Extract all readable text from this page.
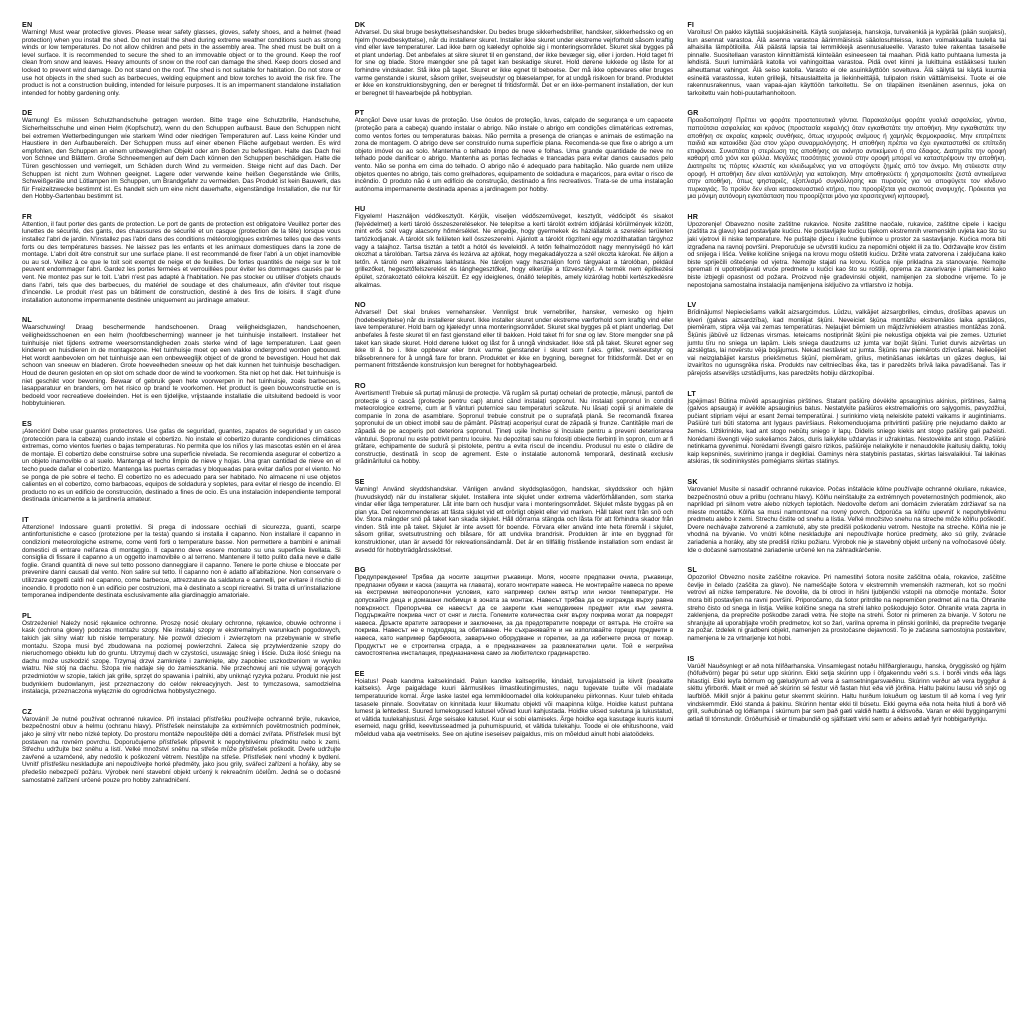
EN

Warning! Must wear protective gloves. Please wear safety glasses, gloves, safety shoes, and a helmet (head protection) when you install the shed. Do not install the shed during extreme weather conditions such as strong winds or low temperatures. Do not allow children and pets in the assembly area. The shed must be built on a level surface. It is recommended to secure the shed to an immovable object or to the ground. Keep the roof clean from snow and leaves. Heavy amounts of snow on the roof can damage the shed. Keep doors closed and locked to prevent wind damage. Do not stand on the roof. The shed is not suitable for habitation. Do not store or use hot objects in the shed such as barbecues, welding equipment and blow torches to avoid the risk fire. The product is not a construction building, intended for leisure purposes. It is an impermanent standalone installation intended for hobby gardening only.

DE

Warnung! Es müssen Schutzhandschuhe getragen werden. Bitte trage eine Schutzbrille, Handschuhe, Sicherheitsschuhe und einen Helm (Kopfschutz), wenn du den Schuppen aufbaust. Baue den Schuppen nicht bei extremen Wetterbedingungen wie starkem Wind oder niedrigen Temperaturen auf. Lass keine Kinder und Haustiere in den Aufbaubereich. Der Schuppen muss auf einer ebenen Fläche aufgebaut werden. Es wird empfohlen, den Schuppen an einem unbeweglichen Objekt oder am Boden zu befestigen. Halte das Dach frei von Schnee und Blättern. Große Schneemengen auf dem Dach können den Schuppen beschädigen. Halte die Türen geschlossen und verriegelt, um Schäden durch Wind zu vermeiden. Steige nicht auf das Dach. Der Schuppen ist nicht zum Wohnen geeignet. Lagere oder verwende keine heißen Gegenstände wie Grills, Schweißgeräte und Lötlampen im Schuppen, um Brandgefahr zu vermeiden. Das Produkt ist kein Bauwerk, das für Freizeitzwecke bestimmt ist. Es handelt sich um eine nicht dauerhafte, eigenständige Installation, die nur für den Hobby-Gartenbau bestimmt ist.

FR

Attention, il faut porter des gants de protection. Le port de gants de protection est obligatoire Veuillez porter des lunettes de sécurité, des gants, des chaussures de sécurité et un casque (protection de la tête) lorsque vous installez l'abri de jardin. N'installez pas l'abri dans des conditions météorologiques extrêmes telles que des vents forts ou des températures basses. Ne laissez pas les enfants et les animaux domestiques dans la zone de montage. L'abri doit être construit sur une surface plane. Il est recommandé de fixer l'abri à un objet inamovible ou au sol. Veillez à ce que le toit soit exempt de neige et de feuilles. De fortes quantités de neige sur le toit peuvent endommager l'abri. Gardez les portes fermées et verrouillées pour éviter les dommages causés par le vent. Ne montez pas sur le toit. L'abri n'est pas adapté à l'habitation. Ne pas stocker ou utiliser d'objets chauds dans l'abri, tels que des barbecues, du matériel de soudage et des chalumeaux, afin d'éviter tout risque d'incendie. Le produit n'est pas un bâtiment de construction, destiné à des fins de loisirs. Il s'agit d'une installation autonome impermanente destinée uniquement au jardinage amateur.

NL

Waarschuwing! Draag beschermende handschoenen. Draag veiligheidsglazen, handschoenen, veiligheidsschoenen en een helm (hoofdbescherming) wanneer je het tuinhuisje installeert. Installeer het tuinhuisje niet tijdens extreme weersomstandigheden zoals sterke wind of lage temperaturen. Laat geen kinderen en huisdieren in de montagezone. Het tuinhuisje moet op een vlakke ondergrond worden gebouwd. Het wordt aanbevolen om het tuinhuisje aan een onbeweeglijk object of de grond te bevestigen. Houd het dak schoon van sneeuw en bladeren. Grote hoeveelheden sneeuw op het dak kunnen het tuinhuisje beschadigen. Houd de deuren gesloten en op slot om schade door de wind te voorkomen. Sta niet op het dak. Het tuinhuisje is niet geschikt voor bewoning. Bewaar of gebruik geen hete voorwerpen in het tuinhuisje, zoals barbecues, lasapparatuur en branders, om het risico op brand te voorkomen. Het product is geen bouwconstructie en is bedoeld voor recreatieve doeleinden. Het is een tijdelijke, vrijstaande installatie die uitsluitend bedoeld is voor hobbytuinieren.

ES

¡Atención! Debe usar guantes protectores. Use gafas de seguridad, guantes, zapatos de seguridad y un casco (protección para la cabeza) cuando instale el cobertizo. No instale el cobertizo durante condiciones climáticas extremas, como vientos fuertes o bajas temperaturas. No permita que los niños y las mascotas estén en el área de montaje. El cobertizo debe construirse sobre una superficie nivelada. Se recomienda asegurar el cobertizo a un objeto inamovible o al suelo. Mantenga el techo limpio de nieve y hojas. Una gran cantidad de nieve en el techo puede dañar el cobertizo. Mantenga las puertas cerradas y bloqueadas para evitar daños por el viento. No se ponga de pie sobre el techo. El cobertizo no es adecuado para ser habitado. No almacene ni use objetos calientes en el cobertizo, como barbacoas, equipos de soldadura y sopletes, para evitar el riesgo de incendio. El producto no es un edificio de construcción, destinado a fines de ocio. Es una instalación independiente temporal destinada únicamente a la jardinería amateur.

IT

Attenzione! Indossare guanti protettivi. Si prega di indossare occhiali di sicurezza, guanti, scarpe antinfortunistiche e casco (protezione per la testa) quando si installa il capanno. Non installare il capanno in condizioni meteorologiche estreme, come venti forti o temperature basse. Non permettere a bambini e animali domestici di entrare nell'area di montaggio. Il capanno deve essere montato su una superficie livellata. Si consiglia di fissare il capanno a un oggetto inamovibile o al terreno. Mantenere il tetto pulito dalla neve e dalle foglie. Grandi quantità di neve sul tetto possono danneggiare il capanno. Tenere le porte chiuse e bloccate per prevenire danni causati dal vento. Non salire sul tetto. Il capanno non è adatto all'abitazione. Non conservare o utilizzare oggetti caldi nel capanno, come barbecue, attrezzature da saldatura e cannelli, per evitare il rischio di incendio. Il prodotto non è un edificio per costruzioni, ma è destinato a scopi ricreativi. Si tratta di un'installazione temporanea indipendente destinata esclusivamente alla giardinaggio amatoriale.

PL

Ostrzeżenie! Należy nosić rękawice ochronne. Proszę nosić okulary ochronne, rękawice, obuwie ochronne i kask (ochrona głowy) podczas montażu szopy. Nie instaluj szopy w ekstremalnych warunkach pogodowych, takich jak silny wiatr lub niskie temperatury. Nie pozwól dzieciom i zwierzętom na przebywanie w strefie montażu. Szopa musi być zbudowana na poziomej powierzchni. Zaleca się przytwierdzenie szopy do nieruchomego obiektu lub do gruntu. Utrzymuj dach w czystości, usuwając śnieg i liście. Duża ilość śniegu na dachu może uszkodzić szopę. Trzymaj drzwi zamknięte i zamknięte, aby zapobiec uszkodzeniom w wyniku wiatru. Nie stój na dachu. Szopa nie nadaje się do zamieszkania. Nie przechowuj ani nie używaj gorących przedmiotów w szopie, takich jak grille, sprzęt do spawania i palniki, aby uniknąć ryzyka pożaru. Produkt nie jest budynkiem budowlanym, jest przeznaczony do celów rekreacyjnych. Jest to tymczasowa, samodzielna instalacja, przeznaczona wyłącznie do ogrodnictwa hobbystycznego.

CZ

Varování! Je nutné používat ochranné rukavice. Při instalaci přístřešku používejte ochranné brýle, rukavice, bezpečnostní obuv a helmu (ochranu hlavy). Přístřešek neinstalujte za extrémních povětrnostních podmínek, jako je silný vítr nebo nízké teploty. Do prostoru montáže nepouštějte děti a domácí zvířata. Přístřešek musí být postaven na rovném povrchu. Doporučujeme přístřešek připevnit k nepohyblivému předmětu nebo k zemi. Střechu udržujte bez sněhu a listí. Velké množství sněhu na střeše může přístřešek poškodit. Dveře udržujte zavřené a uzamčené, aby nedošlo k poškození větrem. Nestůjte na střeše. Přístřešek není vhodný k bydlení. Uvnitř přístřešku neskladujte ani nepoužívejte horké předměty, jako jsou grily, svářecí zařízení a hořáky, aby se předešlo nebezpečí požáru. Výrobek není stavební objekt určený k rekreačním účelům. Jedná se o dočasné samostatné zařízení určené pouze pro hobby zahradničení.

DK

Advarsel. Du skal bruge beskyttelseshandsker. Du bedes bruge sikkerhedsbriller, handsker, sikkerhedssko og en hjelm (hovedbeskyttelse), når du installerer skuret. Installer ikke skuret under ekstreme vejrforhold såsom kraftig vind eller lave temperaturer. Lad ikke børn og kæledyr opholde sig i monteringsområdet. Skuret skal bygges på et plant underlag. Det anbefales at sikre skuret til en genstand, der ikke bevæger sig, eller i jorden. Hold taget fri for sne og blade. Store mængder sne på taget kan beskadige skuret. Hold dørene lukkede og låste for at forhindre vindskader. Stå ikke på taget. Skuret er ikke egnet til beboelse. Der må ikke opbevares eller bruges varme genstande i skuret, såsom griller, svejseudstyr og blæselamper, for at undgå risikoen for brand. Produktet er ikke en konstruktionsbygning, den er beregnet til fritidsformål. Det er en ikke-permanent installation, der kun er beregnet til havearbejde på hobbyplan.

PT

Atenção! Deve usar luvas de proteção. Use óculos de proteção, luvas, calçado de segurança e um capacete (proteção para a cabeça) quando instalar o abrigo. Não instale o abrigo em condições climatéricas extremas, como ventos fortes ou temperaturas baixas. Não permita a presença de crianças e animais de estimação na zona de montagem. O abrigo deve ser construído numa superfície plana. Recomenda-se que fixe o abrigo a um objeto imóvel ou ao solo. Mantenha o telhado limpo de neve e folhas. Uma grande quantidade de neve no telhado pode danificar o abrigo. Mantenha as portas fechadas e trancadas para evitar danos causados pelo vento. Não se ponha em cima do telhado. O abrigo não é adequado para habitação. Não guarde nem utilize objetos quentes no abrigo, tais como grelhadores, equipamento de soldadura e maçaricos, para evitar o risco de incêndio. O produto não é um edifício de construção, destinado a fins recreativos. Trata-se de uma instalação autónoma impermanente destinada apenas a jardinagem por hobby.

HU

Figyelem! Használjon védőkesztyűt. Kérjük, viseljen védőszemüveget, kesztyűt, védőcipőt és sisakot (fejvédelmet) a kerti tároló összeszerelésekor. Ne telepítse a kerti tárolót extrém időjárási körülmények között, mint erős szél vagy alacsony hőmérséklet. Ne engedje, hogy gyermekek és háziállatok a szerelési területen tartózkodjanak. A tárolót sík felületen kell összeszerelni. Ajánlott a tárolót rögzíteni egy mozdíthatatlan tárgyhoz vagy a talajhoz. Tartsa tisztán a tetőt a hótól és levelektől. A tetőn felhalmozódott nagy mennyiségű hó kárt okozhat a tárolóban. Tartsa zárva és lezárva az ajtókat, hogy megakadályozza a szél okozta károkat. Ne álljon a tetőn. A tároló nem alkalmas lakhatásra. Ne tároljon vagy használjon forró tárgyakat a tárolóban, például grillezőket, hegesztőfelszerelést és lánghegesztőket, hogy elkerülje a tűzveszélyt. A termék nem építkezési épület, szórakoztató célokra készült. Ez egy ideiglenes, önálló telepítés, amely kizárólag hobbi kertészkedésre alkalmas.

NO

Advarsel! Det skal brukes vernehansker. Vennligst bruk vernebriller, hansker, vernesko og hjelm (hodebeskyttelse) når du installerer skuret. Ikke installer skuret under ekstreme værforhold som kraftig vind eller lave temperaturer. Hold barn og kjæledyr unna monteringsområdet. Skuret skal bygges på et plant underlag. Det anbefales å feste skuret til en fast gjenstand eller til bakken. Hold taket fri for snø og løv. Store mengder snø på taket kan skade skuret. Hold dørene lukket og låst for å unngå vindskader. Ikke stå på taket. Skuret egner seg ikke til å bo i. Ikke oppbevar eller bruk varme gjenstander i skuret som f.eks. griller, sveiseutstyr og blåsebrennere for å unngå fare for brann. Produktet er ikke en bygning, beregnet for fritidsformål. Det er en permanent frittstående konstruksjon kun beregnet for hobbyhagearbeid.

RO

Avertisment! Trebuie să purtați mănuși de protecție. Vă rugăm să purtați ochelari de protecție, mănuși, pantofi de protecție și o cască (protecție pentru cap) atunci când instalați șopronul. Nu instalați șopronul în condiții meteorologice extreme, cum ar fi vânturi puternice sau temperaturi scăzute. Nu lăsați copiii și animalele de companie în zona de asamblare. Șopronul trebuie construit pe o suprafață plană. Se recomandă fixarea șopronului de un obiect imobil sau de pământ. Păstrați acoperișul curat de zăpadă și frunze. Cantitățile mari de zăpadă de pe acoperiș pot deteriora șopronul. Țineți ușile închise și încuiate pentru a preveni deteriorarea vântului. Șopronul nu este potrivit pentru locuire. Nu depozitați sau nu folosiți obiecte fierbinți în șopron, cum ar fi grătare, echipamente de sudură și pistolete, pentru a evita riscul de incendiu. Produsul nu este o clădire de construcție, destinată în scop de agrement. Este o instalatie autonomă temporară, destinată exclusiv grădinăritului ca hobby.

SE

Varning! Använd skyddshandskar. Vänligen använd skyddsglasögon, handskar, skyddsskor och hjälm (huvudskydd) när du installerar skjulet. Installera inte skjulet under extrema väderförhållanden, som starka vindar eller låga temperaturer. Låt inte barn och husdjur vara i monteringsområdet. Skjulet måste byggas på en plan yta. Det rekommenderas att fästa skjulet vid ett orörligt objekt eller vid marken. Håll taket rent från snö och löv. Stora mängder snö på taket kan skada skjulet. Håll dörrarna stängda och låsta för att förhindra skador från vinden. Stå inte på taket. Skjulet är inte avsett för boende. Förvara eller använd inte heta föremål i skjulet, såsom grillar, svetsutrustning och blåsare, för att undvika brandrisk. Produkten är inte en byggnad för konstruktioner, utan är avsedd för rekreationsändamål. Det är en tillfällig fristående installation som endast är avsedd för hobbyträdgårdsskötsel.

BG

Предупреждение! Трябва да носите защитни ръкавици. Моля, носете предпазни очила, ръкавици, предпазни обувки и каска (защита на главата), когато монтирате навеса. Не монтирайте навеса по време на екстремни метеорологични условия, като например силен вятър или ниски температури. Не допускайте деца и домашни любимци в зоната за монтаж. Навесът трябва да се изгражда върху равна повърхност. Препоръчва се навесът да се закрепи към неподвижен предмет или към земята. Поддържайте покрива чист от сняг и листа. Големите количества сняг върху покрива могат да повредят навеса. Дръжте вратите затворени и заключени, за да предотвратите повреди от вятъра. Не стойте на покрива. Навесът не е подходящ за обитаване. Не съхранявайте и не използвайте горещи предмети в навеса, като например барбекюта, заваръчно оборудване и горелки, за да избегнете риска от пожар. Продуктът не е строителна сграда, а е предназначен за развлекателни цели. Той е негрийна самостоятелна инсталация, предназначена само за любителско градинарство.

EE

Hoiatus! Peab kandma kaitsekindaid. Palun kandke kaitseprille, kindaid, turvajalatseid ja kiivrit (peakatte kaitseks). Ärge paigaldage kuuri äärmuslikes ilmastikutingimustes, nagu tugevate tuulte või madalate temperatuuride korral. Ärge laske lastel ega lemmikloomadel olla kokkupaneku piirkonnas. Kuur tuleb ehitada tasasele pinnale. Soovitatav on kinnitada kuur liikumatu objekti või maapinna külge. Hoidke katust puhtana lumest ja lehtedest. Suured lumekogused katusel võivad kuuri kahjustada. Hoidke uksed suletuna ja lukustatud, et vältida tuulekahjustusi. Ärge seisake katusel. Kuur ei sobi elamiseks. Ärge hoidke ega kasutage kuuris kuumi esemeid, nagu grillid, keevitusseadmed ja puhumispuurid, et vältida tulekahju. Toode ei ole ehitushoone, vaid mõeldud vaba aja veetmiseks. See on ajutine iseseisev paigaldus, mis on mõeldud ainult hobi aiatoödeks.

FI

Varoitus! On pakko käyttää suojakäsineitä. Käytä suojalaseja, hanskoja, turvakenkiä ja kypärää (pään suojaksi), kun asennat varastoa. Älä asenna varastoa äärimmäisissä sääolosuhteissa, kuten voimakkaalla tuulella tai alhaisilla lämpötiloilla. Älä päästä lapsia tai lemmikkejä asennusalueelle. Varasto tulee rakentaa tasaiselle pinnalle. Suositellaan varaston kiinnittämistä kiinteään esineeseen tai maahan. Pidä katto puhtaana lumesta ja lehdistä. Suuri lumimäärä katolla voi vahingoittaa varastoa. Pidä ovet kiinni ja lukittuina estääksesi tuulen aiheuttamat vahingot. Älä seiso katolla. Varasto ei ole asuinkäyttöön soveltuva. Älä säilytä tai käytä kuumia esineitä varastossa, kuten grillejä, hitsauslaitteita ja liekinheittäjiä, tulipalon riskin välttämiseksi. Tuote ei ole rakennusrakennus, vaan vapaa-ajan käyttöön tarkoitettu. Se on tilapäinen itsenäinen asennus, joka on tarkoitettu vain hobi-puutarhanhoitoon.

GR

Προειδοποίηση! Πρέπει να φοράτε προστατευτικά γάντια. Παρακαλούμε φοράτε γυαλιά ασφαλείας, γάντια, παπούτσια ασφαλείας και κράνος (προστασία κεφαλής) όταν εγκαθιστάτε την αποθήκη. Μην εγκαθιστάτε την αποθήκη σε ακραίες καιρικές συνθήκες, όπως ισχυρούς ανέμους ή χαμηλές θερμοκρασίες. Μην επιτρέπετε παιδιά και κατοικίδια ζώα στον χώρο συναρμολόγησης. Η αποθήκη πρέπει να έχει εγκατασταθεί σε επίπεδη επιφάνεια. Συνιστάται η στερέωση της αποθήκης σε ακίνητο αντικείμενο ή στο έδαφος. Διατηρείτε την οροφή καθαρή από χιόνι και φύλλα. Μεγάλες ποσότητες χιονιού στην οροφή μπορεί να καταστρέψουν την αποθήκη. Διατηρείτε τις πόρτες κλειστές και κλειδωμένες για να αποφύγετε ζημιές από τον άνεμο. Μη στέκεστε στην οροφή. Η αποθήκη δεν είναι κατάλληλη για κατοίκηση. Μην αποθηκεύετε ή χρησιμοποιείτε ζεστά αντικείμενα στην αποθήκη, όπως ψησταριές, εξοπλισμό συγκόλλησης και πυρσούς για να αποφύγετε τον κίνδυνο πυρκαγιάς. Το προϊόν δεν είναι κατασκευαστικό κτήριο, που προορίζεται για σκοπούς αναψυχής. Πρόκειται για μια μόνιμη αυτόνομη εγκατάσταση που προορίζεται μόνο για ερασιτεχνική κηπουρική.

HR

Upozorenje! Obavezno nosite zaštitne rukavice. Nosite zaštitne naočale, rukavice, zaštitne cipele i kacigu (zaštita za glavu) kad postavljate kućicu. Ne postavljajte kućicu tijekom ekstremnih vremenskih uvjeta kao što su jaki vjetrovi ili niske temperature. Ne puštajte djecu i kućne ljubimce u prostor za sastavljanje. Kućica mora biti izgrađena na ravnoj površini. Preporučuje se učvrstiti kućicu za nepomični objekt ili za tlo. Održavajte krov čistim od snijega i lišća. Velike količine snijega na krovu mogu oštetiti kućicu. Držite vrata zatvorena i zaključana kako biste spriječili oštećenje od vjetra. Nemojte stajati na krovu. Kućica nije prikladna za stanovanje. Nemojte spremati ni upotrebljavati vruće predmete u kućici kao što su roštilji, oprema za zavarivanje i plamenici kako biste izbjegli opasnost od požara. Proizvod nije građevinski objekt, namijenjen za slobodne vrijeme. To je nepostojana samostalna instalacija namijenjena isključivo za vrtlarstvo iz hobija.

LV

Brīdinājums! Nepieciešams valkāt aizsargcimdus. Lūdzu, valkājiet aizsargbrilles, cimdus, drošības apavus un ķiveri (galvas aizsardzība), kad montējat šķūni. Neveiciet šķūņa montāžu ekstremālos laika apstākļos, piemēram, stipra vēja vai zemas temperatūras. Neļaujiet bērniem un mājdzīvniekiem atrasties montāžas zonā. Šķūnis jābūvē uz līdzenas virsmas. Ieteicams nostiprināt šķūni pie nekustīga objekta vai pie zemes. Uzturiet jumtu tīru no sniega un lapām. Liels sniega daudzums uz jumta var bojāt šķūni. Turiet durvis aizvērtas un aizslēgtas, lai novērstu vēja bojājumus. Nekad nestāviet uz jumta. Šķūnis nav piemērots dzīvošanai. Neliecējiet vai neizglabājiet karstus priekšmetus šķūnī, piemēram, grilus, metināšanas iekārtas un gāzes deglus, lai izvairītos no ugunsgrēka riska. Produkts nav celtniecības ēka, tas ir paredzēts brīvā laika pavadīšanai. Tas ir pārejošs atsevišķs uzstādījums, kas paredzēts hobiju dārzkopībai.

LT

Įspėjimas! Būtina mūvėti apsauginias pirštines. Statant pašiūrę dėvėkite apsauginius akinius, pirštines, šalmą (galvos apsauga) ir avėkite apsauginius batus. Nestatykite pašiūros ekstremaliomis oro sąlygomis, pavyzdžiui, pučiant stipriam vėjui ar esant žemai temperatūrai. Į surinkimo vietą neleiskite patekti vaikams ir augintiniams. Pašiūrė turi būti statoma ant lygaus paviršiaus. Rekomenduojama pritvirtinti pašiūrę prie nejudamo daikto ar žemės. Užtikrinkite, kad ant stogo nebūtų sniego ir lapų. Didelis sniego kiekis ant stogo pašiūrę gali pažeisti. Norėdami išvengti vėjo sukeliamos žalos, duris laikykite uždarytas ir užrakintas. Nestovėkite ant stogo. Pašiūrė netinkama gyvenimui. Norėdami išvengti gaisro rizikos, pašiūrėje nelaikykite ir nenaudokite įkaitusių daiktų, tokių kaip kepsninės, suvirinimo įranga ir degikliai. Gaminys nėra statybinis pastatas, skirtas laisvalaikiui. Tai laikinas atskiras, tik sodininkystės pomėgiams skirtas statinys.

SK

Varovanie! Musíte si nasadiť ochranné rukavice. Počas inštalácie kôlne používajte ochranné okuliare, rukavice, bezpečnostnú obuv a prilbu (ochranu hlavy). Kôlňu neinštalujte za extrémnych poveternostných podmienok, ako napríklad pri silnom vetre alebo nízkych teplotách. Nedovoľte deťom ani domácim zvieratám zdržiavať sa na mieste montáže. Kôlňa sa musí namontovať na rovný povrch. Odporúča sa kôlňu upevniť k nepohyblivému predmetu alebo k zemi. Strechu čistite od snehu a lístia. Veľké množstvo snehu na streche môže kôlňu poškodiť. Dvere nechávajte zatvorené a zamknuté, aby ste predišli poškodeniu vetrom. Nestojte na streche. Kôlňa nie je vhodná na bývanie. Vo vnútri kôlne neskladujte ani nepoužívajte horúce predmety, ako sú grily, zváracie zariadenia a horáky, aby ste predišli riziku požiaru. Výrobok nie je stavebný objekt určený na voľnočasové účely. Ide o dočasné samostatné zariadenie určené len na záhradkárčenie.

SL

Opozorilo! Obvezno nosite zaščitne rokavice. Pri namestitvi šotora nosite zaščitna očala, rokavice, zaščitne čevlje in čelado (zaščita za glavo). Ne nameščajte šotora v ekstremnih vremenskih razmerah, kot so močni vetrovi ali nizke temperature. Ne dovolite, da bi otroci in hišni ljubljenčki vstopili na območje montaže. Šotor mora biti postavljen na ravni površini. Priporočamo, da šotor pritrdite na nepremičen predmet ali na tla. Ohranite streho čisto od snega in listja. Velike količine snega na strehi lahko poškodujejo šotor. Ohranite vrata zaprta in zaklenjena, da preprečite poškodbe zaradi vetra. Ne stojte na strehi. Šotor ni primeren za bivanje. V šotoru ne shranjujte ali uporabljajte vročih predmetov, kot so žari, varilna oprema in plinski gorilniki, da preprečite tveganje za požar. Izdelek ni gradbeni objekt, namenjen za prostočasne dejavnosti. To je začasna samostojna postavitev, namenjena le za vrtnarjenje kot hobi.

IS

Varúð! Nauðsynlegt er að nota hlífðarhanska. Vinsamlegast notaðu hlífðargleraugu, hanska, öryggisskó og hjálm (höfuðvörn) þegar þú setur upp skúrinn. Ekki setja skúrinn upp í öfgakenndu veðri s.s. í borði vinds eða lágs hitastigi. Ekki leyfa börnum og gæludýrum að vera á samsetningarsvæðinu. Skúrinn verður að vera byggður á sléttu yfirborði. Mælt er með að skúrinn sé festur við fastan hlut eða við jörðina. Haltu þakinu lausu við snjó og laufblöð. Mikill snjór á þakinu getur skemmt skúrinn. Haltu hurðum lokuðum og læstum til að koma í veg fyrir vindskemmdir. Ekki standa á þakinu. Skúrinn hentar ekki til búsetu. Ekki geyma eða nota heita hluti á borð við grill, suðubúnað og lóðlampa í skúrnum þar sem það gæti valdið hættu á eldsvoða. Varan er ekki byggingarrými ætlað til tómstundir. Gróðurhúsið er tímabundið og sjálfstætt virki sem er aðeins ætlað fyrir hobbigarðyrkju.
